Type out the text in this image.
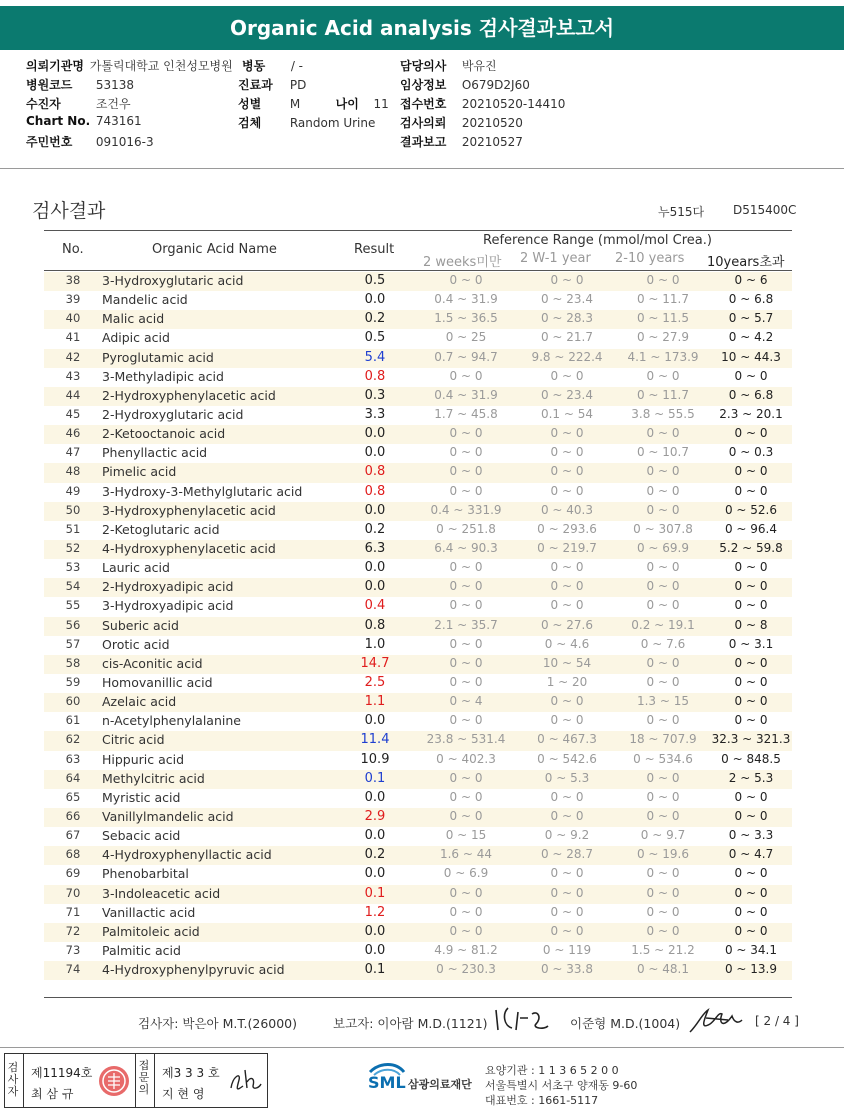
Organic Acid analysis 검사결과보고서
의뢰기관명 가톨릭대학교 인천성모병원
병원코드 53138
수진자	조건우
Chart No. 743161
주민번호 091016-3
병동 / -
진료과 PD
성별 M	나이 11
검체 Random Urine
담당의사 박유진
임상정보 O679D2J60
접수번호 20210520-14410
검사의뢰 20210520
결과보고 20210527
검사결과	누515다 D515400C
No.	Organic Acid Name	Result
Reference Range (mmol/mol Crea.)
2 weeks미만 2 W-1 year 2-10 years 10years초과
38 3-Hydroxyglutaric acid	0.5	0 ~ 0	0 ~ 0	0 ~ 0	0 ~ 6
39 Mandelic acid	0.0	0.4 ~ 31.9	0 ~ 23.4	0 ~ 11.7	0 ~ 6.8
40 Malic acid	0.2	1.5 ~ 36.5	0 ~ 28.3	0 ~ 11.5	0 ~ 5.7
41 Adipic acid	0.5	0 ~ 25	0 ~ 21.7	0 ~ 27.9	0 ~ 4.2
42 Pyroglutamic acid	5.4	0.7 ~ 94.7	9.8 ~ 222.4	4.1 ~ 173.9	10 ~ 44.3
43 3-Methyladipic acid	0.8	0 ~ 0	0 ~ 0	0 ~ 0	0 ~ 0
44 2-Hydroxyphenylacetic acid	0.3	0.4 ~ 31.9	0 ~ 23.4	0 ~ 11.7	0 ~ 6.8
45 2-Hydroxyglutaric acid	3.3	1.7 ~ 45.8	0.1 ~ 54	3.8 ~ 55.5	2.3 ~ 20.1
46 2-Ketooctanoic acid	0.0	0 ~ 0	0 ~ 0	0 ~ 0	0 ~ 0
47 Phenyllactic acid	0.0	0 ~ 0	0 ~ 0	0 ~ 10.7	0 ~ 0.3
48 Pimelic acid	0.8	0 ~ 0	0 ~ 0	0 ~ 0	0 ~ 0
49 3-Hydroxy-3-Methylglutaric acid	0.8	0 ~ 0	0 ~ 0	0 ~ 0	0 ~ 0
50 3-Hydroxyphenylacetic acid	0.0	0.4 ~ 331.9	0 ~ 40.3	0 ~ 0	0 ~ 52.6
51 2-Ketoglutaric acid	0.2	0 ~ 251.8	0 ~ 293.6	0 ~ 307.8	0 ~ 96.4
52 4-Hydroxyphenylacetic acid	6.3	6.4 ~ 90.3	0 ~ 219.7	0 ~ 69.9	5.2 ~ 59.8
53 Lauric acid	0.0	0 ~ 0	0 ~ 0	0 ~ 0	0 ~ 0
54 2-Hydroxyadipic acid	0.0	0 ~ 0	0 ~ 0	0 ~ 0	0 ~ 0
55 3-Hydroxyadipic acid	0.4	0 ~ 0	0 ~ 0	0 ~ 0	0 ~ 0
56 Suberic acid	0.8	2.1 ~ 35.7	0 ~ 27.6	0.2 ~ 19.1	0 ~ 8
57 Orotic acid	1.0	0 ~ 0	0 ~ 4.6	0 ~ 7.6	0 ~ 3.1
58 cis-Aconitic acid	14.7	0 ~ 0	10 ~ 54	0 ~ 0	0 ~ 0
59 Homovanillic acid	2.5	0 ~ 0	1 ~ 20	0 ~ 0	0 ~ 0
60 Azelaic acid	1.1	0 ~ 4	0 ~ 0	1.3 ~ 15	0 ~ 0
61 n-Acetylphenylalanine	0.0	0 ~ 0	0 ~ 0	0 ~ 0	0 ~ 0
62 Citric acid	11.4	23.8 ~ 531.4	0 ~ 467.3	18 ~ 707.9	32.3 ~ 321.3
63 Hippuric acid	10.9	0 ~ 402.3	0 ~ 542.6	0 ~ 534.6	0 ~ 848.5
64 Methylcitric acid	0.1	0 ~ 0	0 ~ 5.3	0 ~ 0	2 ~ 5.3
65 Myristic acid	0.0	0 ~ 0	0 ~ 0	0 ~ 0	0 ~ 0
66 Vanillylmandelic acid	2.9	0 ~ 0	0 ~ 0	0 ~ 0	0 ~ 0
67 Sebacic acid	0.0	0 ~ 15	0 ~ 9.2	0 ~ 9.7	0 ~ 3.3
68 4-Hydroxyphenyllactic acid	0.2	1.6 ~ 44	0 ~ 28.7	0 ~ 19.6	0 ~ 4.7
69 Phenobarbital	0.0	0 ~ 6.9	0 ~ 0	0 ~ 0	0 ~ 0
70 3-Indoleacetic acid	0.1	0 ~ 0	0 ~ 0	0 ~ 0	0 ~ 0
71 Vanillactic acid	1.2	0 ~ 0	0 ~ 0	0 ~ 0	0 ~ 0
72 Palmitoleic acid	0.0	0 ~ 0	0 ~ 0	0 ~ 0	0 ~ 0
73 Palmitic acid	0.0	4.9 ~ 81.2	0 ~ 119	1.5 ~ 21.2	0 ~ 34.1
74 4-Hydroxyphenylpyruvic acid	0.1	0 ~ 230.3	0 ~ 33.8	0 ~ 48.1	0 ~ 13.9
검사자: 박은아 M.T.(26000)	보고자: 이아람 M.D.(1121)	이준형 M.D.(1004)	[ 2 / 4 ]
검사자
제11194호
최 삼 규
접문의
제3 3 3 호
지 현 영
SML 삼광의료재단
요양기관 : 1 1 3 6 5 2 0 0
서울특별시 서초구 양재동 9-60
대표번호 : 1661-5117
